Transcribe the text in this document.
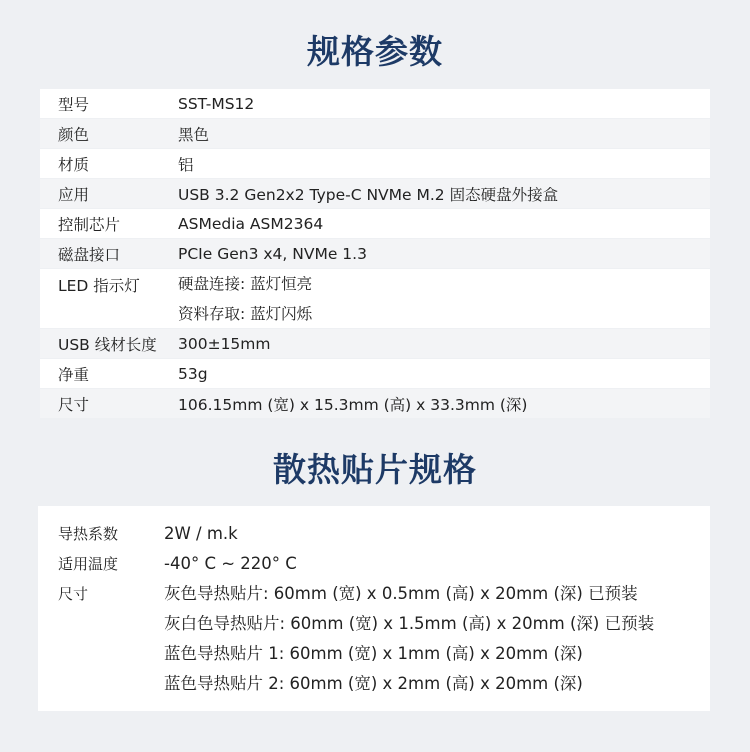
规格参数
型号	SST-MS12
颜色	黑色
材质	铝
应用	USB 3.2 Gen2x2 Type-C NVMe M.2 固态硬盘外接盒
控制芯片	ASMedia ASM2364
磁盘接口	PCIe Gen3 x4, NVMe 1.3
LED 指示灯	硬盘连接: 蓝灯恒亮
资料存取: 蓝灯闪烁
USB 线材长度	300±15mm
净重	53g
尺寸	106.15mm (宽) x 15.3mm (高) x 33.3mm (深)
散热贴片规格
导热系数	2W / m.k
适用温度	-40° C ~ 220° C
尺寸	灰色导热贴片: 60mm (宽) x 0.5mm (高) x 20mm (深) 已预装
灰白色导热贴片: 60mm (宽) x 1.5mm (高) x 20mm (深) 已预装
蓝色导热贴片 1: 60mm (宽) x 1mm (高) x 20mm (深)
蓝色导热贴片 2: 60mm (宽) x 2mm (高) x 20mm (深)
